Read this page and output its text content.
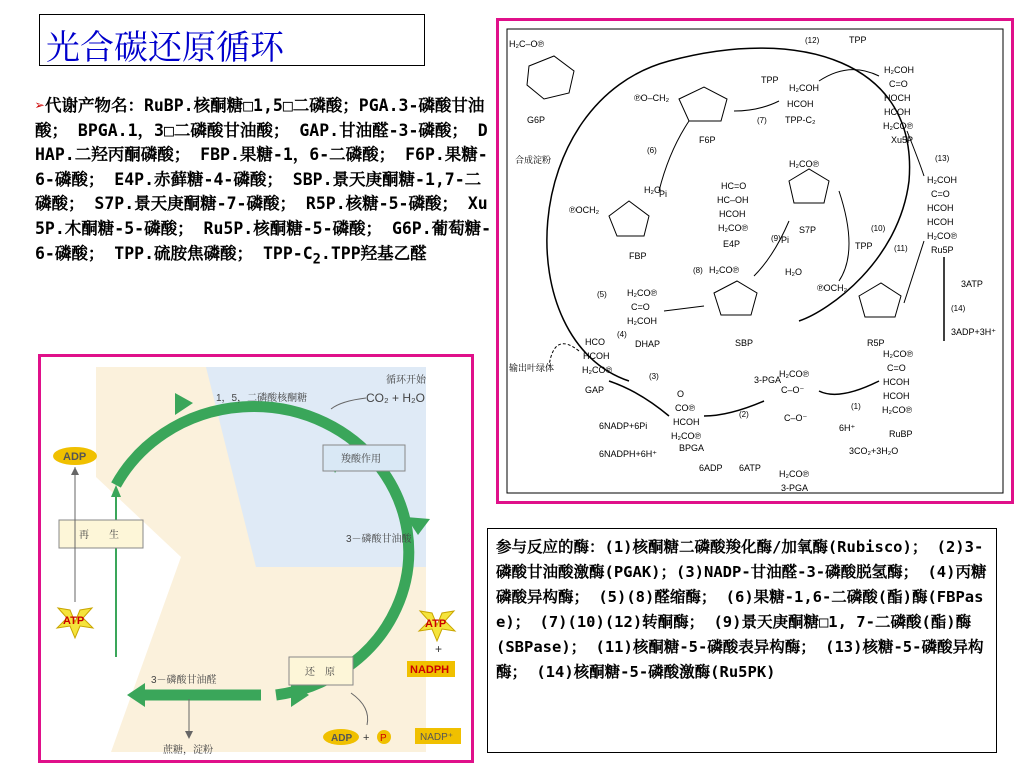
光合碳还原循环
➢代谢产物名：RuBP.核酮糖□1,5□二磷酸；PGA.3-磷酸甘油酸； BPGA.1，3□二磷酸甘油酸； GAP.甘油醛-3-磷酸； DHAP.二羟丙酮磷酸； FBP.果糖-1，6-二磷酸； F6P.果糖-6-磷酸； E4P.赤藓糖-4-磷酸； SBP.景天庚酮糖-1,7-二磷酸； S7P.景天庚酮糖-7-磷酸； R5P.核糖-5-磷酸； Xu5P.木酮糖-5-磷酸； Ru5P.核酮糖-5-磷酸； G6P.葡萄糖-6-磷酸； TPP.硫胺焦磷酸； TPP-$C_2.TPP$羟基乙醛
1，5，二磷酸核酮糖
循环开始
CO₂ + H₂O
羧酸作用
3－磷酸甘油酸
ATP
+
NADPH
还　原
3－磷酸甘油醛
再　　生
ADP
ATP
蔗糖，淀粉
ADP + P	NADP⁺
H₂C–O℗
G6P
合成淀粉
℗O–CH₂
F6P
H₂COH
HCOH
TPP-C₂
TPP
TPP
H₂COH
C=O
HOCH
HCOH
H₂CO℗
Xu5P
℗OCH₂
FBP
Pi
H₂O	HC=O
HC–OH
HCOH
H₂CO℗
E4P
H₂CO℗
S7P
Pi
H₂O
TPP
H₂CO℗
SBP
℗OCH₂
R5P
H₂COH
C=O
HCOH
HCOH
H₂CO℗
Ru5P
3ATP
3ADP+3H⁺
H₂CO℗
C=O
HCOH
HCOH
H₂CO℗
RuBP
6H⁺
3CO₂+3H₂O
H₂CO℗
C=O
H₂COH
DHAP
HCO
HCOH
H₂CO℗
GAP
输出叶绿体
O
CO℗
HCOH
H₂CO℗
BPGA
3-PGA
H₂CO℗
C–O⁻
C–O⁻
H₂CO℗
3-PGA
6NADP+6Pi
6NADPH+6H⁺
6ADP 6ATP
(1)
(2)
(3)
(4)
(5)
(6)
(7)
(8)
(9)
(10)
(11)
(12)
(13)
(14)
参与反应的酶：(1)核酮糖二磷酸羧化酶/加氧酶(Rubisco)； (2)3-磷酸甘油酸激酶(PGAK)；(3)NADP-甘油醛-3-磷酸脱氢酶； (4)丙糖磷酸异构酶； (5)(8)醛缩酶； (6)果糖-1,6-二磷酸(酯)酶(FBPase)； (7)(10)(12)转酮酶； (9)景天庚酮糖□1, 7-二磷酸(酯)酶(SBPase)； (11)核酮糖-5-磷酸表异构酶； (13)核糖-5-磷酸异构酶； (14)核酮糖-5-磷酸激酶(Ru5PK)
